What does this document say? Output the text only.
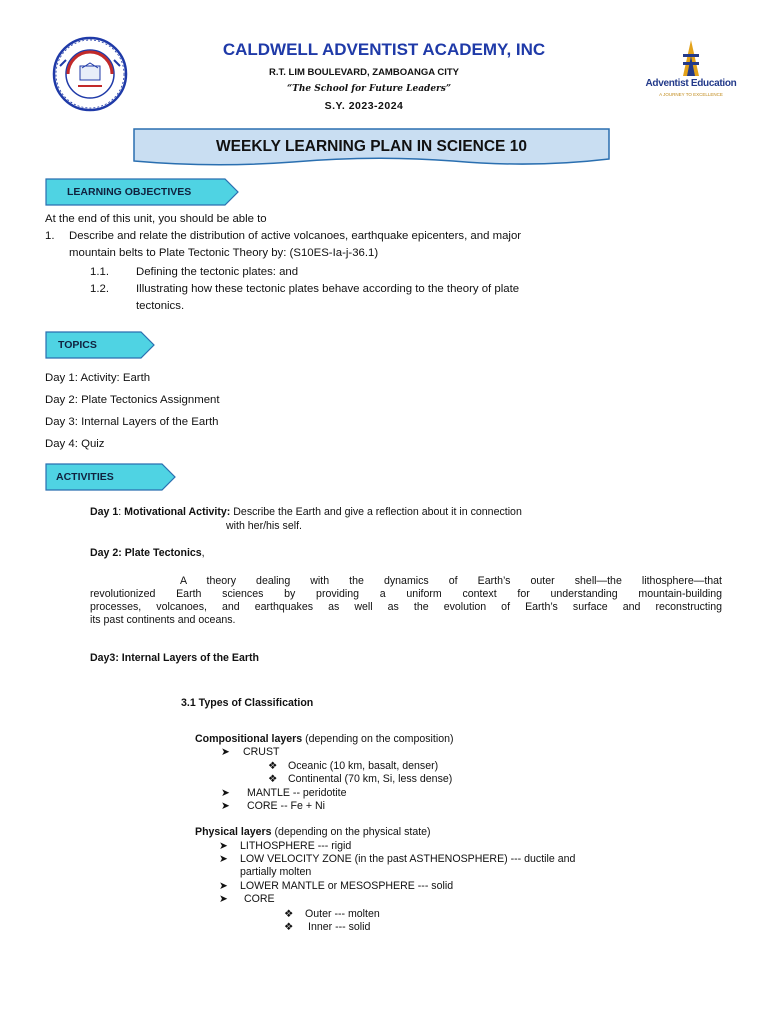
CALDWELL ADVENTIST ACADEMY, INC
R.T. LIM BOULEVARD, ZAMBOANGA CITY
“The School for Future Leaders”
S.Y. 2023-2024
Adventist Education
A JOURNEY TO EXCELLENCE
WEEKLY LEARNING PLAN IN SCIENCE 10
LEARNING OBJECTIVES
At the end of this unit, you should be able to
1. Describe and relate the distribution of active volcanoes, earthquake epicenters, and major
mountain belts to Plate Tectonic Theory by: (S10ES-Ia-j-36.1)
1.1. Defining the tectonic plates: and
1.2. Illustrating how these tectonic plates behave according to the theory of plate
tectonics.
TOPICS
Day 1: Activity: Earth
Day 2: Plate Tectonics Assignment
Day 3: Internal Layers of the Earth
Day 4: Quiz
ACTIVITIES
Day 1: Motivational Activity: Describe the Earth and give a reflection about it in connection
with her/his self.
Day 2: Plate Tectonics,
A theory dealing with the dynamics of Earth’s outer shell—the lithosphere—that
revolutionized Earth sciences by providing a uniform context for understanding mountain-building
processes, volcanoes, and earthquakes as well as the evolution of Earth’s surface and reconstructing
its past continents and oceans.
Day3: Internal Layers of the Earth
3.1 Types of Classification
Compositional layers (depending on the composition)
➤ CRUST
❖ Oceanic (10 km, basalt, denser)
❖ Continental (70 km, Si, less dense)
➤ MANTLE -- peridotite
➤ CORE -- Fe + Ni
Physical layers (depending on the physical state)
➤ LITHOSPHERE --- rigid
➤ LOW VELOCITY ZONE (in the past ASTHENOSPHERE) --- ductile and
partially molten
➤ LOWER MANTLE or MESOSPHERE --- solid
➤ CORE
❖ Outer --- molten
❖ Inner --- solid
